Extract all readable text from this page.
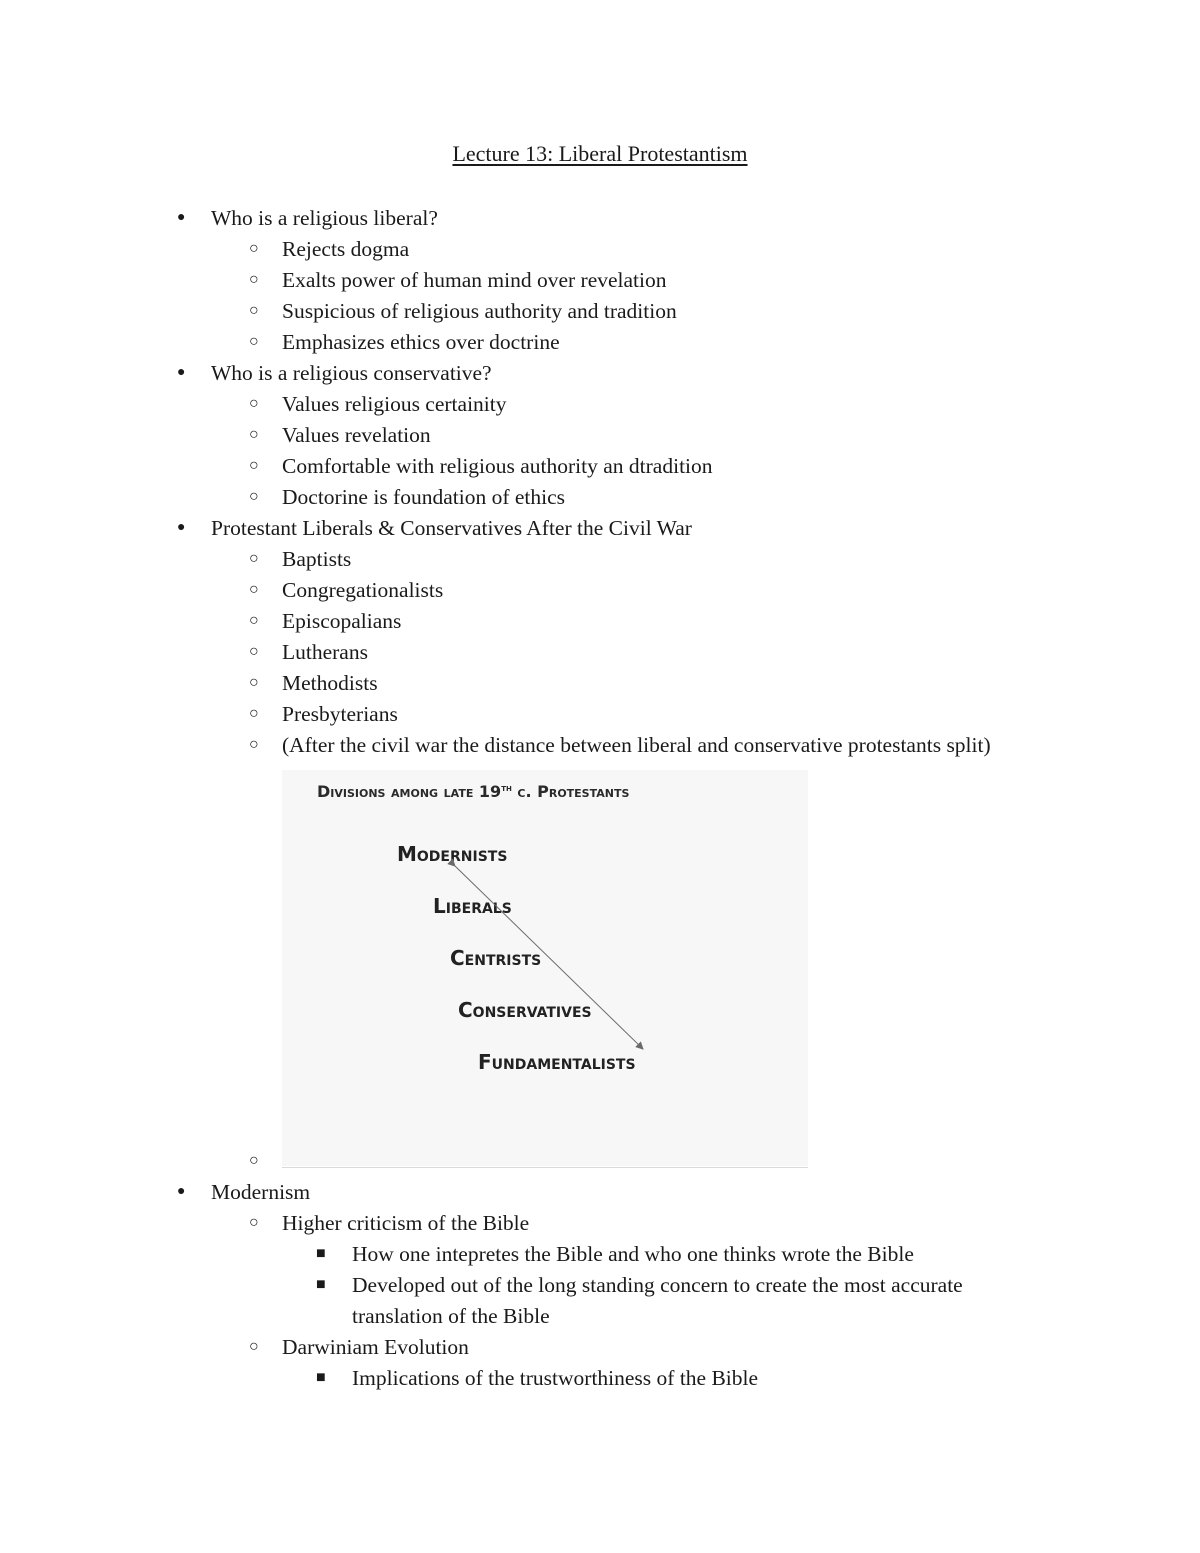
Lecture 13: Liberal Protestantism
● Who is a religious liberal?
○ Rejects dogma
○ Exalts power of human mind over revelation
○ Suspicious of religious authority and tradition
○ Emphasizes ethics over doctrine
● Who is a religious conservative?
○ Values religious certainity
○ Values revelation
○ Comfortable with religious authority an dtradition
○ Doctorine is foundation of ethics
● Protestant Liberals & Conservatives After the Civil War
○ Baptists
○ Congregationalists
○ Episcopalians
○ Lutherans
○ Methodists
○ Presbyterians
○ (After the civil war the distance between liberal and conservative protestants split)
Divisions among late 19th c. Protestants
Modernists
Liberals
Centrists
Conservatives
Fundamentalists
○
● Modernism
○ Higher criticism of the Bible
■ How one intepretes the Bible and who one thinks wrote the Bible
■ Developed out of the long standing concern to create the most accurate
translation of the Bible
○ Darwiniam Evolution
■ Implications of the trustworthiness of the Bible
